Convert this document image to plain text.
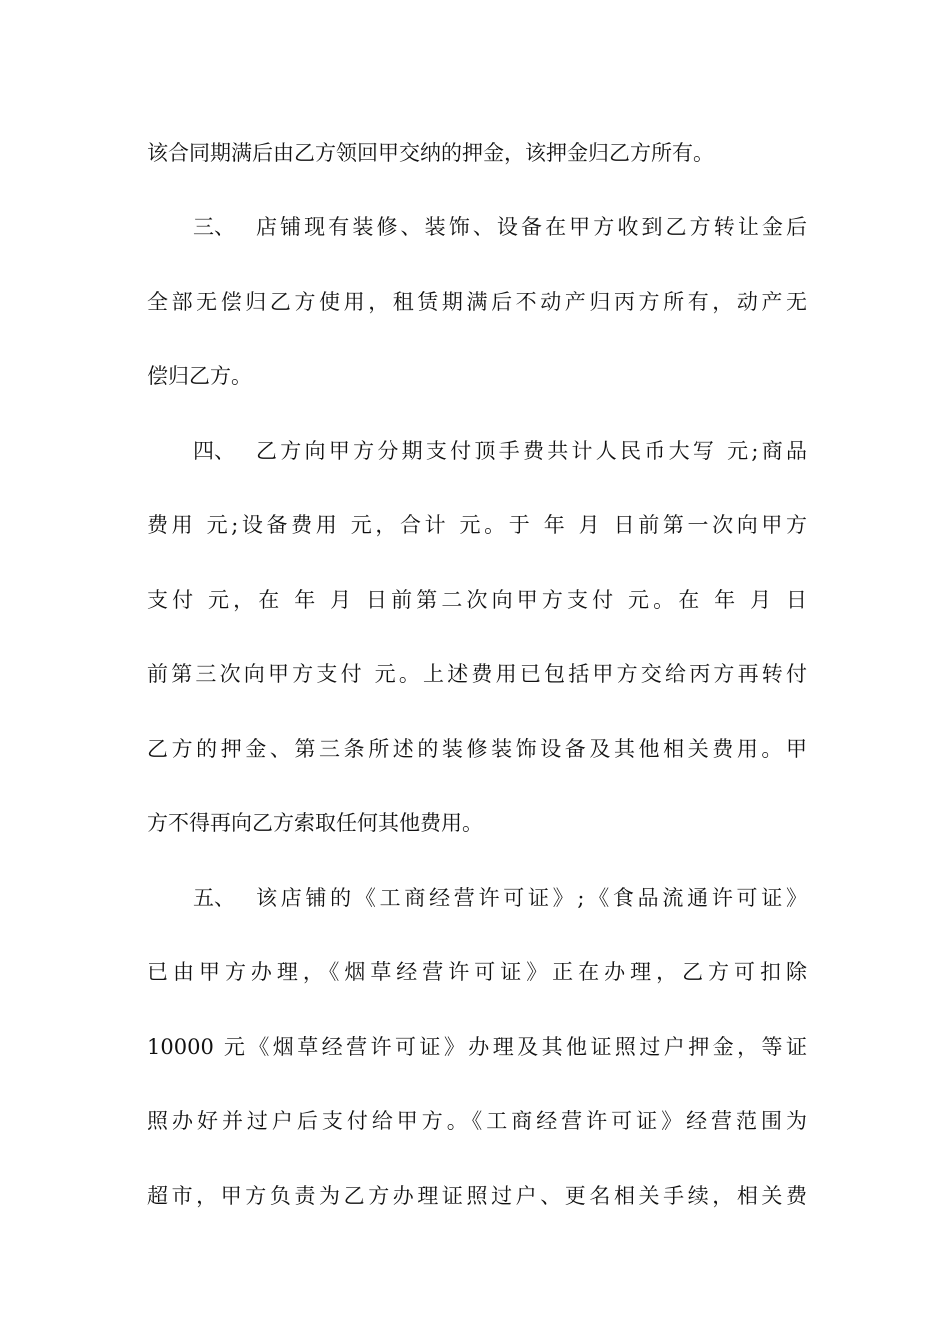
该合同期满后由乙方领回甲交纳的押金，该押金归乙方所有。
三、 店铺现有装修、装饰、设备在甲方收到乙方转让金后
全部无偿归乙方使用，租赁期满后不动产归丙方所有，动产无
偿归乙方。
四、 乙方向甲方分期支付顶手费共计人民币大写 元;商品
费用 元;设备费用 元，合计 元。于 年 月 日前第一次向甲方
支付 元，在 年 月 日前第二次向甲方支付 元。在 年 月 日
前第三次向甲方支付 元。上述费用已包括甲方交给丙方再转付
乙方的押金、第三条所述的装修装饰设备及其他相关费用。甲
方不得再向乙方索取任何其他费用。
五、 该店铺的《工商经营许可证》;《食品流通许可证》
已由甲方办理，《烟草经营许可证》正在办理，乙方可扣除
10000 元《烟草经营许可证》办理及其他证照过户押金，等证
照办好并过户后支付给甲方。《工商经营许可证》经营范围为
超市，甲方负责为乙方办理证照过户、更名相关手续，相关费
